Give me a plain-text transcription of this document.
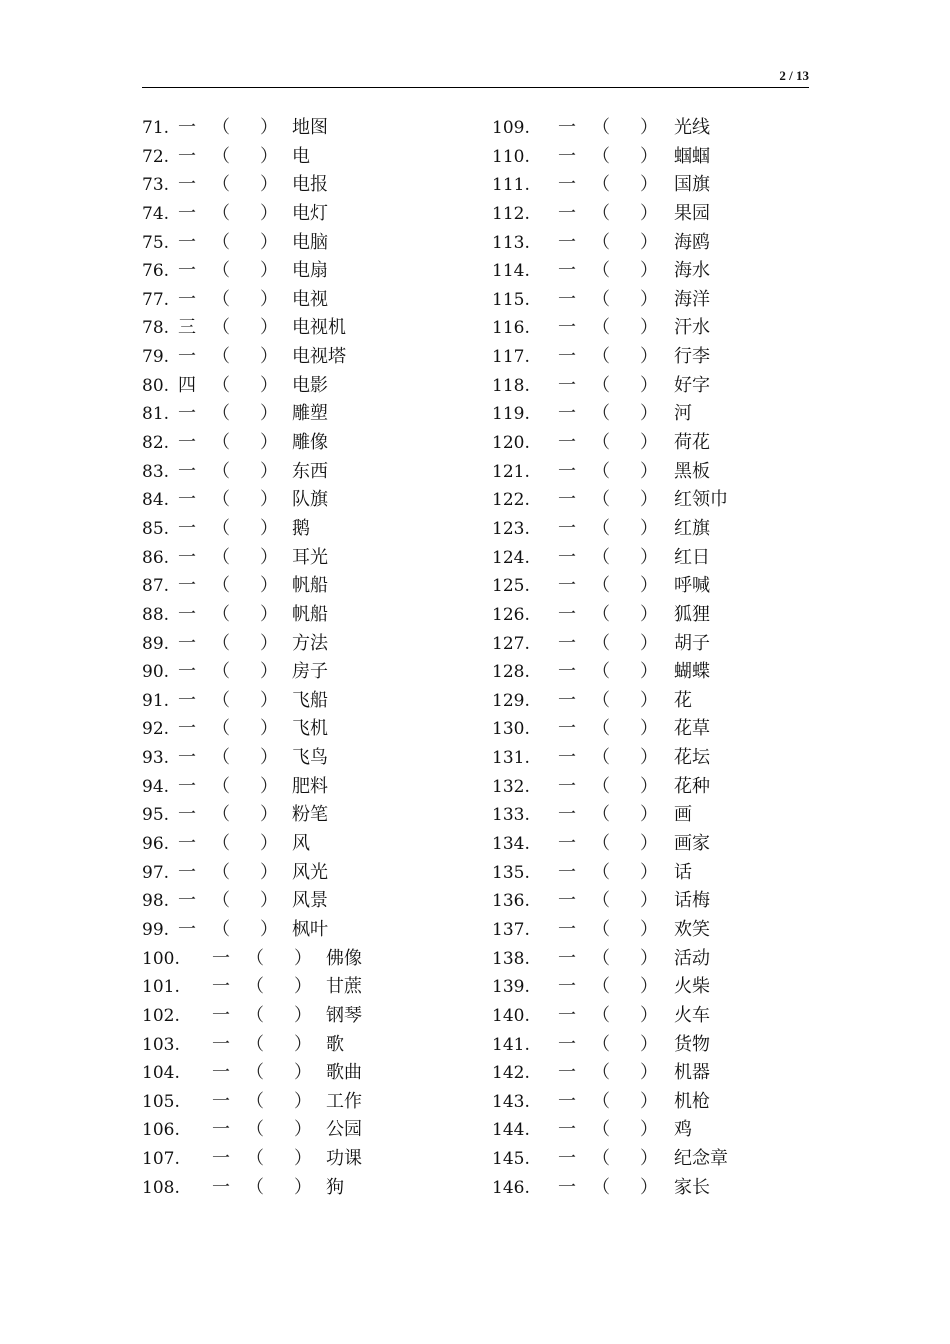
2 / 13
71. 一 （ ） 地图
72. 一 （ ） 电
73. 一 （ ） 电报
74. 一 （ ） 电灯
75. 一 （ ） 电脑
76. 一 （ ） 电扇
77. 一 （ ） 电视
78. 三 （ ） 电视机
79. 一 （ ） 电视塔
80. 四 （ ） 电影
81. 一 （ ） 雕塑
82. 一 （ ） 雕像
83. 一 （ ） 东西
84. 一 （ ） 队旗
85. 一 （ ） 鹅
86. 一 （ ） 耳光
87. 一 （ ） 帆船
88. 一 （ ） 帆船
89. 一 （ ） 方法
90. 一 （ ） 房子
91. 一 （ ） 飞船
92. 一 （ ） 飞机
93. 一 （ ） 飞鸟
94. 一 （ ） 肥料
95. 一 （ ） 粉笔
96. 一 （ ） 风
97. 一 （ ） 风光
98. 一 （ ） 风景
99. 一 （ ） 枫叶
100. 一 （ ） 佛像
101. 一 （ ） 甘蔗
102. 一 （ ） 钢琴
103. 一 （ ） 歌
104. 一 （ ） 歌曲
105. 一 （ ） 工作
106. 一 （ ） 公园
107. 一 （ ） 功课
108. 一 （ ） 狗
109. 一 （ ） 光线
110. 一 （ ） 蝈蝈
111. 一 （ ） 国旗
112. 一 （ ） 果园
113. 一 （ ） 海鸥
114. 一 （ ） 海水
115. 一 （ ） 海洋
116. 一 （ ） 汗水
117. 一 （ ） 行李
118. 一 （ ） 好字
119. 一 （ ） 河
120. 一 （ ） 荷花
121. 一 （ ） 黑板
122. 一 （ ） 红领巾
123. 一 （ ） 红旗
124. 一 （ ） 红日
125. 一 （ ） 呼喊
126. 一 （ ） 狐狸
127. 一 （ ） 胡子
128. 一 （ ） 蝴蝶
129. 一 （ ） 花
130. 一 （ ） 花草
131. 一 （ ） 花坛
132. 一 （ ） 花种
133. 一 （ ） 画
134. 一 （ ） 画家
135. 一 （ ） 话
136. 一 （ ） 话梅
137. 一 （ ） 欢笑
138. 一 （ ） 活动
139. 一 （ ） 火柴
140. 一 （ ） 火车
141. 一 （ ） 货物
142. 一 （ ） 机器
143. 一 （ ） 机枪
144. 一 （ ） 鸡
145. 一 （ ） 纪念章
146. 一 （ ） 家长
